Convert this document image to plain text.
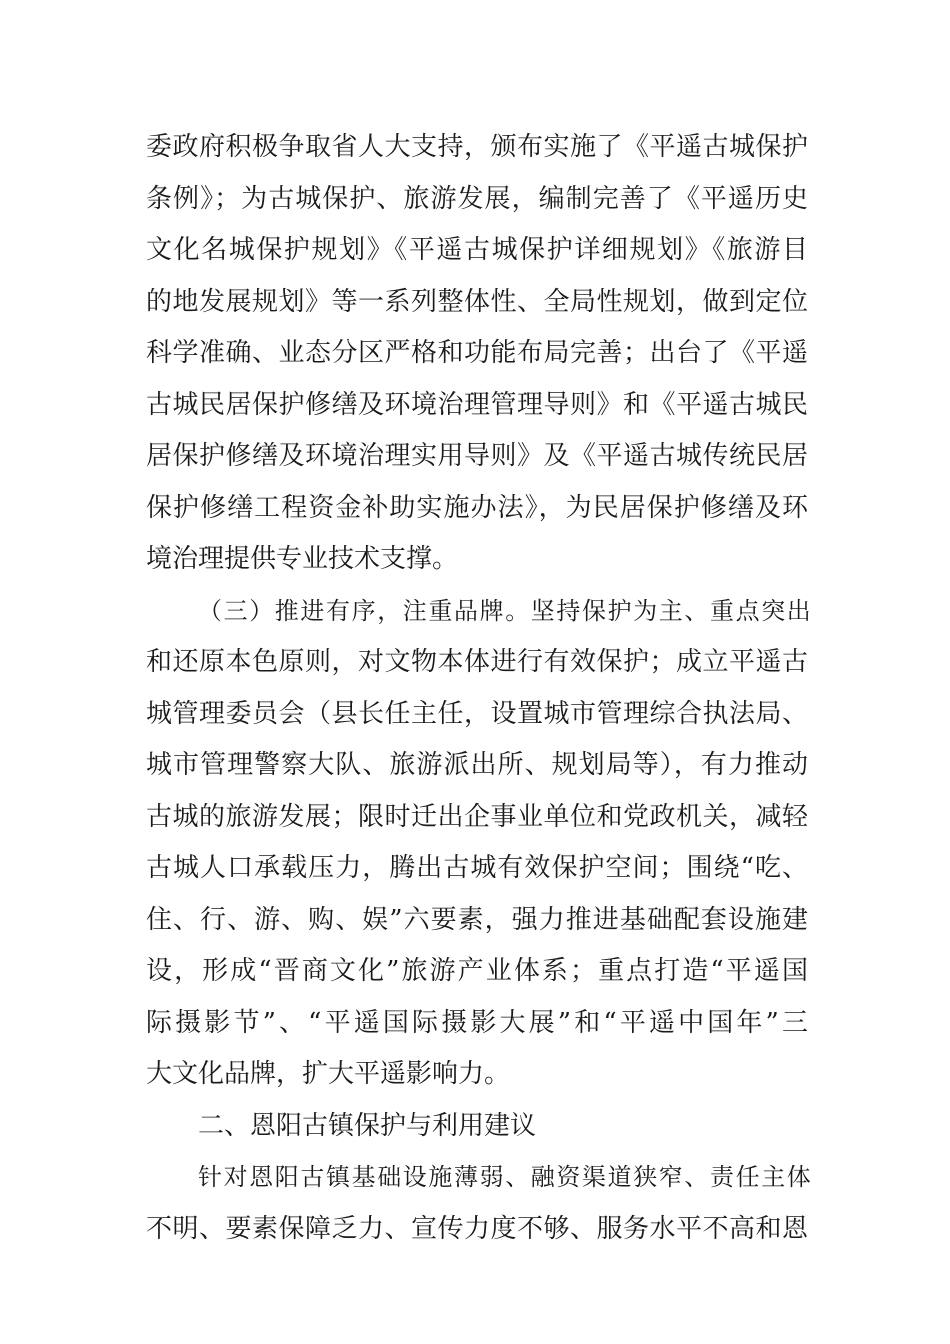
委政府积极争取省人大支持，颁布实施了《平遥古城保护
条例》；为古城保护、旅游发展，编制完善了《平遥历史
文化名城保护规划》《平遥古城保护详细规划》《旅游目
的地发展规划》等一系列整体性、全局性规划，做到定位
科学准确、业态分区严格和功能布局完善；出台了《平遥
古城民居保护修缮及环境治理管理导则》和《平遥古城民
居保护修缮及环境治理实用导则》及《平遥古城传统民居
保护修缮工程资金补助实施办法》，为民居保护修缮及环
境治理提供专业技术支撑。
（三）推进有序，注重品牌。坚持保护为主、重点突出
和还原本色原则，对文物本体进行有效保护；成立平遥古
城管理委员会（县长任主任，设置城市管理综合执法局、
城市管理警察大队、旅游派出所、规划局等），有力推动
古城的旅游发展；限时迁出企事业单位和党政机关，减轻
古城人口承载压力，腾出古城有效保护空间；围绕“吃、
住、行、游、购、娱”六要素，强力推进基础配套设施建
设，形成“晋商文化”旅游产业体系；重点打造“平遥国
际摄影节”、“平遥国际摄影大展”和“平遥中国年”三
大文化品牌，扩大平遥影响力。
二、恩阳古镇保护与利用建议
针对恩阳古镇基础设施薄弱、融资渠道狭窄、责任主体
不明、要素保障乏力、宣传力度不够、服务水平不高和恩
